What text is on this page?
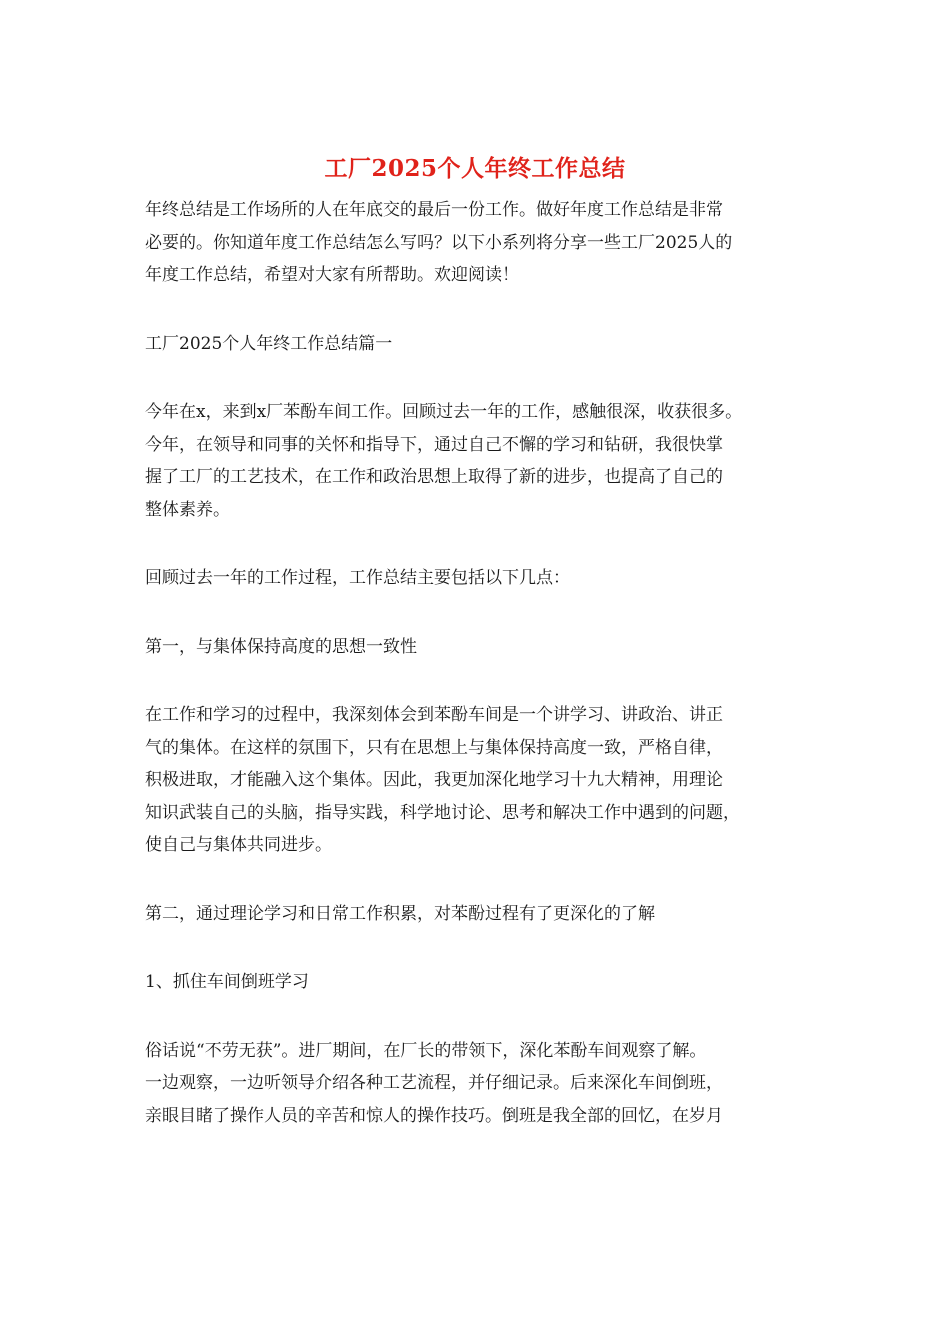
工厂2025个人年终工作总结
年终总结是工作场所的人在年底交的最后一份工作。做好年度工作总结是非常
必要的。你知道年度工作总结怎么写吗？以下小系列将分享一些工厂2025人的
年度工作总结，希望对大家有所帮助。欢迎阅读！
工厂2025个人年终工作总结篇一
今年在x，来到x厂苯酚车间工作。回顾过去一年的工作，感触很深，收获很多。
今年，在领导和同事的关怀和指导下，通过自己不懈的学习和钻研，我很快掌
握了工厂的工艺技术，在工作和政治思想上取得了新的进步，也提高了自己的
整体素养。
回顾过去一年的工作过程，工作总结主要包括以下几点：
第一，与集体保持高度的思想一致性
在工作和学习的过程中，我深刻体会到苯酚车间是一个讲学习、讲政治、讲正
气的集体。在这样的氛围下，只有在思想上与集体保持高度一致，严格自律，
积极进取，才能融入这个集体。因此，我更加深化地学习十九大精神，用理论
知识武装自己的头脑，指导实践，科学地讨论、思考和解决工作中遇到的问题，
使自己与集体共同进步。
第二，通过理论学习和日常工作积累，对苯酚过程有了更深化的了解
1、抓住车间倒班学习
俗话说“不劳无获”。进厂期间，在厂长的带领下，深化苯酚车间观察了解。
一边观察，一边听领导介绍各种工艺流程，并仔细记录。后来深化车间倒班，
亲眼目睹了操作人员的辛苦和惊人的操作技巧。倒班是我全部的回忆，在岁月
